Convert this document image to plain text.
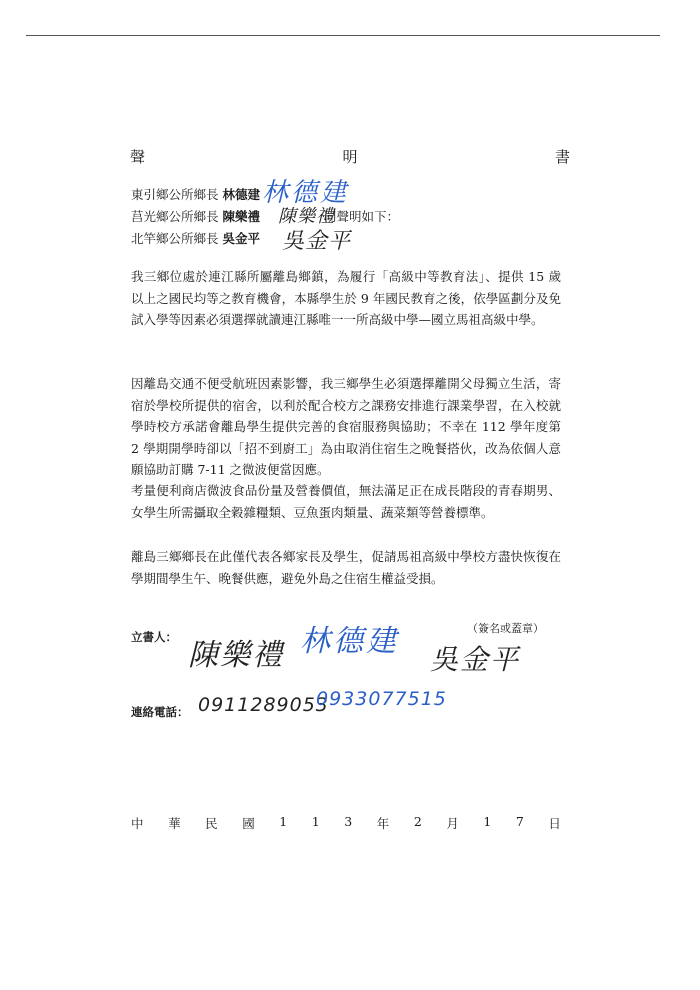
聲	明	書
東引鄉公所鄉長 林德建
莒光鄉公所鄉長 陳樂禮	同聲明如下：
北竿鄉公所鄉長 吳金平
林德建
陳樂禮
吳金平

我三鄉位處於連江縣所屬離島鄉鎮，為履行「高級中等教育法」、提供 15 歲以上之國民均等之教育機會，本縣學生於 9 年國民教育之後，依學區劃分及免試入學等因素必須選擇就讀連江縣唯一一所高級中學—國立馬祖高級中學。

因離島交通不便受航班因素影響，我三鄉學生必須選擇離開父母獨立生活，寄宿於學校所提供的宿舍，以利於配合校方之課務安排進行課業學習，在入校就學時校方承諾會離島學生提供完善的食宿服務與協助；不幸在 112 學年度第 2 學期開學時卻以「招不到廚工」為由取消住宿生之晚餐搭伙，改為依個人意願協助訂購 7-11 之微波便當因應。

考量便利商店微波食品份量及營養價值，無法滿足正在成長階段的青春期男、女學生所需攝取全穀雜糧類、豆魚蛋肉類量、蔬菜類等營養標準。

離島三鄉鄉長在此僅代表各鄉家長及學生，促請馬祖高級中學校方盡快恢復在學期間學生午、晚餐供應，避免外島之住宿生權益受損。

立書人：
（簽名或蓋章）
陳樂禮 林德建
吳金平
連絡電話： 0911289053
0933077515
中 華 民 國 1 1 3 年 2 月 1 7 日
